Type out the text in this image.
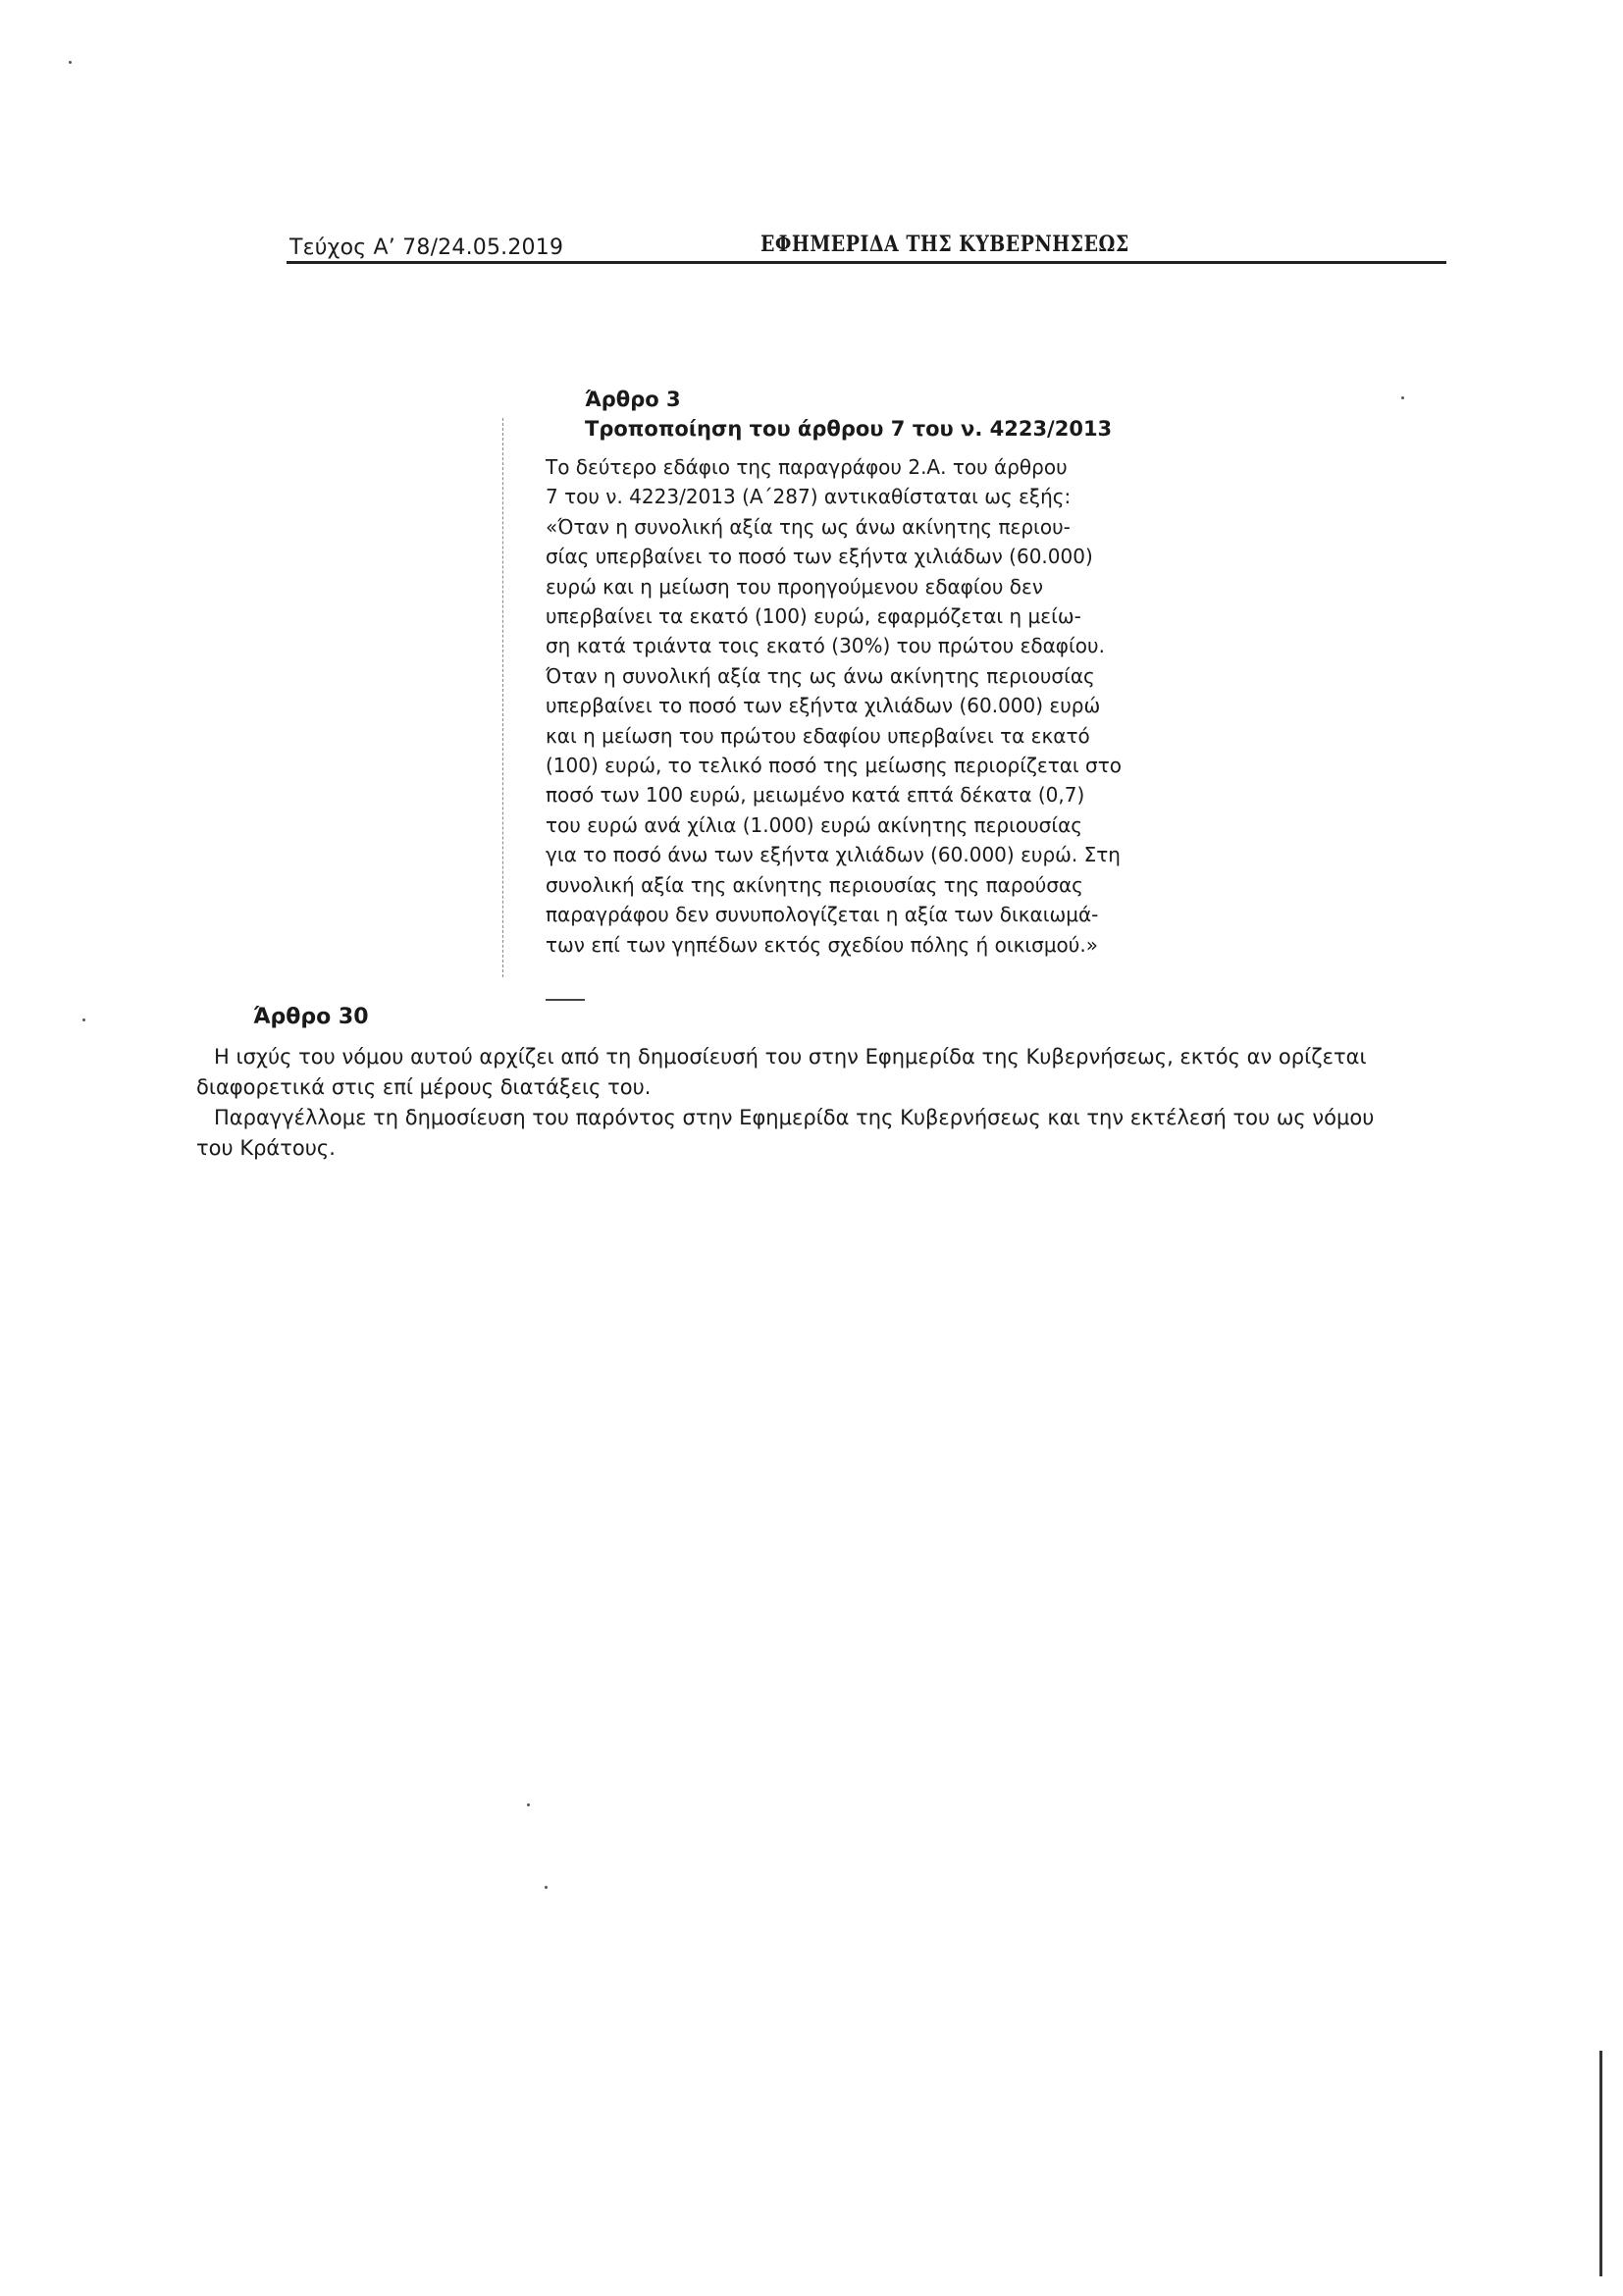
Τεύχος Α’ 78/24.05.2019	ΕΦΗΜΕΡΙΔΑ ΤΗΣ ΚΥΒΕΡΝΗΣΕΩΣ
Άρθρο 3
Τροποποίηση του άρθρου 7 του ν. 4223/2013
Το δεύτερο εδάφιο της παραγράφου 2.Α. του άρθρου
7 του ν. 4223/2013 (Α΄287) αντικαθίσταται ως εξής:
«Όταν η συνολική αξία της ως άνω ακίνητης περιου-
σίας υπερβαίνει το ποσό των εξήντα χιλιάδων (60.000)
ευρώ και η μείωση του προηγούμενου εδαφίου δεν
υπερβαίνει τα εκατό (100) ευρώ, εφαρμόζεται η μείω-
ση κατά τριάντα τοις εκατό (30%) του πρώτου εδαφίου.
Όταν η συνολική αξία της ως άνω ακίνητης περιουσίας
υπερβαίνει το ποσό των εξήντα χιλιάδων (60.000) ευρώ
και η μείωση του πρώτου εδαφίου υπερβαίνει τα εκατό
(100) ευρώ, το τελικό ποσό της μείωσης περιορίζεται στο
ποσό των 100 ευρώ, μειωμένο κατά επτά δέκατα (0,7)
του ευρώ ανά χίλια (1.000) ευρώ ακίνητης περιουσίας
για το ποσό άνω των εξήντα χιλιάδων (60.000) ευρώ. Στη
συνολική αξία της ακίνητης περιουσίας της παρούσας
παραγράφου δεν συνυπολογίζεται η αξία των δικαιωμά-
των επί των γηπέδων εκτός σχεδίου πόλης ή οικισμού.»
Άρθρο 30

Η ισχύς του νόμου αυτού αρχίζει από τη δημοσίευσή του στην Εφημερίδα της Κυβερνήσεως, εκτός αν ορίζεται
διαφορετικά στις επί μέρους διατάξεις του.

Παραγγέλλομε τη δημοσίευση του παρόντος στην Εφημερίδα της Κυβερνήσεως και την εκτέλεσή του ως νόμου
του Κράτους.
